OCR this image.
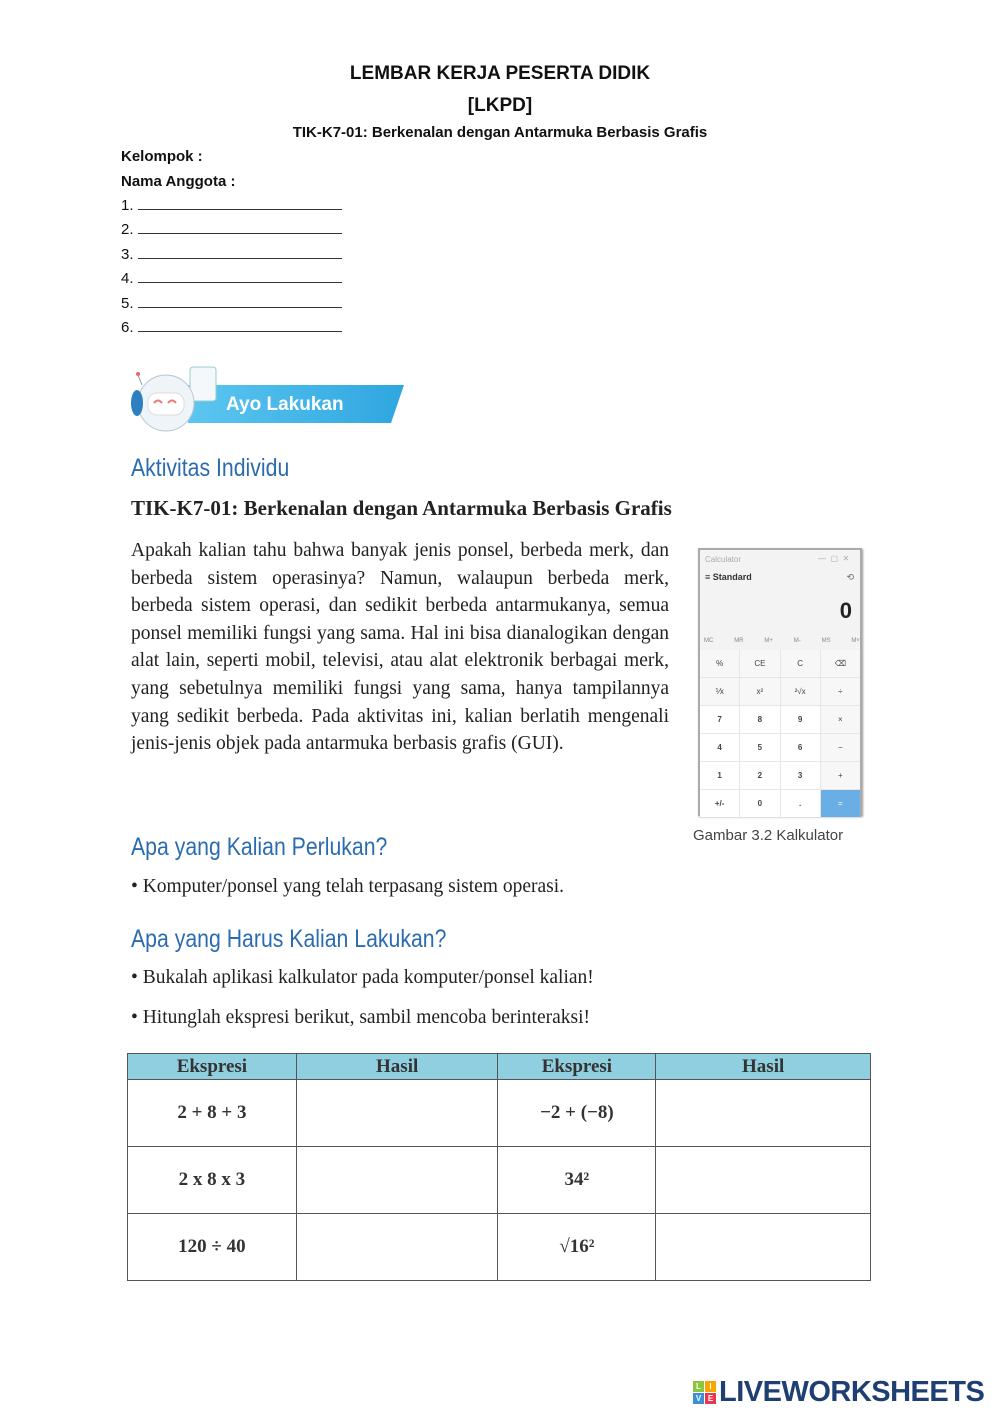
LEMBAR KERJA PESERTA DIDIK
[LKPD]
TIK-K7-01: Berkenalan dengan Antarmuka Berbasis Grafis
Kelompok :
Nama Anggota :
1.
2.
3.
4.
5.
6.
Ayo Lakukan
Aktivitas Individu
TIK-K7-01: Berkenalan dengan Antarmuka Berbasis Grafis
Apakah kalian tahu bahwa banyak jenis ponsel, berbeda merk, dan berbeda sistem operasinya? Namun, walaupun berbeda merk, berbeda sistem operasi, dan sedikit berbeda antarmukanya, semua ponsel memiliki fungsi yang sama. Hal ini bisa dianalogikan dengan alat lain, seperti mobil, televisi, atau alat elektronik berbagai merk, yang sebetulnya memiliki fungsi yang sama, hanya tampilannya yang sedikit berbeda. Pada aktivitas ini, kalian berlatih mengenali jenis-jenis objek pada antarmuka berbasis grafis (GUI).
Calculator	—  ▢  ✕
≡ Standard	⟲
0
MC	MR	M+	M-	MS	M˅
%	CE	C	⌫
⅟x	x²	²√x	÷
7	8	9	×
4	5	6	−
1	2	3	+
+/-	0	.	=
Gambar 3.2 Kalkulator
Apa yang Kalian Perlukan?
• Komputer/ponsel yang telah terpasang sistem operasi.
Apa yang Harus Kalian Lakukan?
• Bukalah aplikasi kalkulator pada komputer/ponsel kalian!
• Hitunglah ekspresi berikut, sambil mencoba berinteraksi!
Ekspresi	Hasil	Ekspresi	Hasil
2 + 8 + 3		−2 + (−8)	
2 x 8 x 3		34²	
120 ÷ 40		√16²	
L	I
V E LIVEWORKSHEETS
